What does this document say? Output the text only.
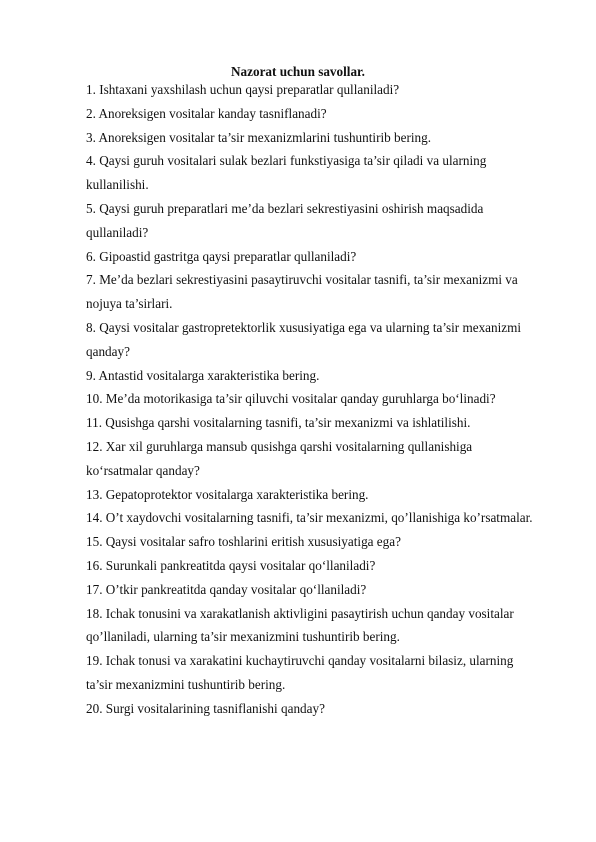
Nazorat uchun savollar.
1. Ishtaxani yaxshilash uchun qaysi preparatlar qullaniladi?
2. Anoreksigen vositalar kanday tasniflanadi?
3. Anoreksigen vositalar ta’sir mexanizmlarini tushuntirib bering.
4. Qaysi guruh vositalari sulak bezlari funkstiyasiga ta’sir qiladi va ularning kullanilishi.
5. Qaysi guruh preparatlari me’da bezlari sekrestiyasini oshirish maqsadida qullaniladi?
6. Gipoastid gastritga qaysi preparatlar qullaniladi?
7. Me’da bezlari sekrestiyasini pasaytiruvchi vositalar tasnifi, ta’sir mexanizmi va nojuya ta’sirlari.
8. Qaysi vositalar gastropretektorlik xususiyatiga ega va ularning ta’sir mexanizmi qanday?
9. Antastid vositalarga xarakteristika bering.
10. Me’da motorikasiga ta’sir qiluvchi vositalar qanday guruhlarga bo‘linadi?
11. Qusishga qarshi vositalarning tasnifi, ta’sir mexanizmi va ishlatilishi.
12. Xar xil guruhlarga mansub qusishga qarshi vositalarning qullanishiga ko‘rsatmalar qanday?
13. Gepatoprotektor vositalarga xarakteristika bering.
14. O’t xaydovchi vositalarning tasnifi, ta’sir mexanizmi, qo’llanishiga ko’rsatmalar.
15. Qaysi vositalar safro toshlarini eritish xususiyatiga ega?
16. Surunkali pankreatitda qaysi vositalar qo‘llaniladi?
17. O’tkir pankreatitda qanday vositalar qo‘llaniladi?
18. Ichak tonusini va xarakatlanish aktivligini pasaytirish uchun qanday vositalar qo’llaniladi, ularning ta’sir mexanizmini tushuntirib bering.
19. Ichak tonusi va xarakatini kuchaytiruvchi qanday vositalarni bilasiz, ularning ta’sir mexanizmini tushuntirib bering.
20. Surgi vositalarining tasniflanishi qanday?
